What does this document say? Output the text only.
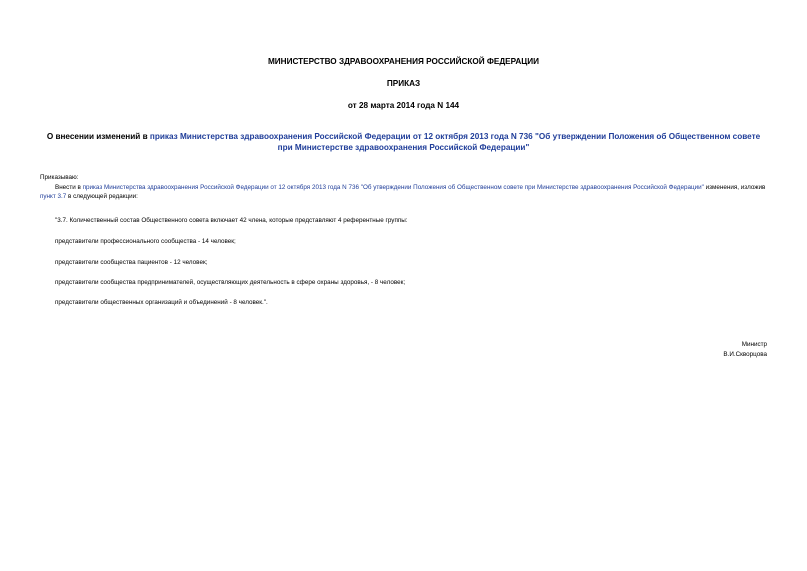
МИНИСТЕРСТВО ЗДРАВООХРАНЕНИЯ РОССИЙСКОЙ ФЕДЕРАЦИИ
ПРИКАЗ
от 28 марта 2014 года N 144
О внесении изменений в приказ Министерства здравоохранения Российской Федерации от 12 октября 2013 года N 736 "Об утверждении Положения об Общественном совете при Министерстве здравоохранения Российской Федерации"
Приказываю:
Внести в приказ Министерства здравоохранения Российской Федерации от 12 октября 2013 года N 736 "Об утверждении Положения об Общественном совете при Министерстве здравоохранения Российской Федерации" изменения, изложив пункт 3.7 в следующей редакции:
"3.7. Количественный состав Общественного совета включает 42 члена, которые представляют 4 референтные группы:
представители профессионального сообщества - 14 человек;
представители сообщества пациентов - 12 человек;
представители сообщества предпринимателей, осуществляющих деятельность в сфере охраны здоровья, - 8 человек;
представители общественных организаций и объединений - 8 человек.".
Министр
В.И.Скворцова
